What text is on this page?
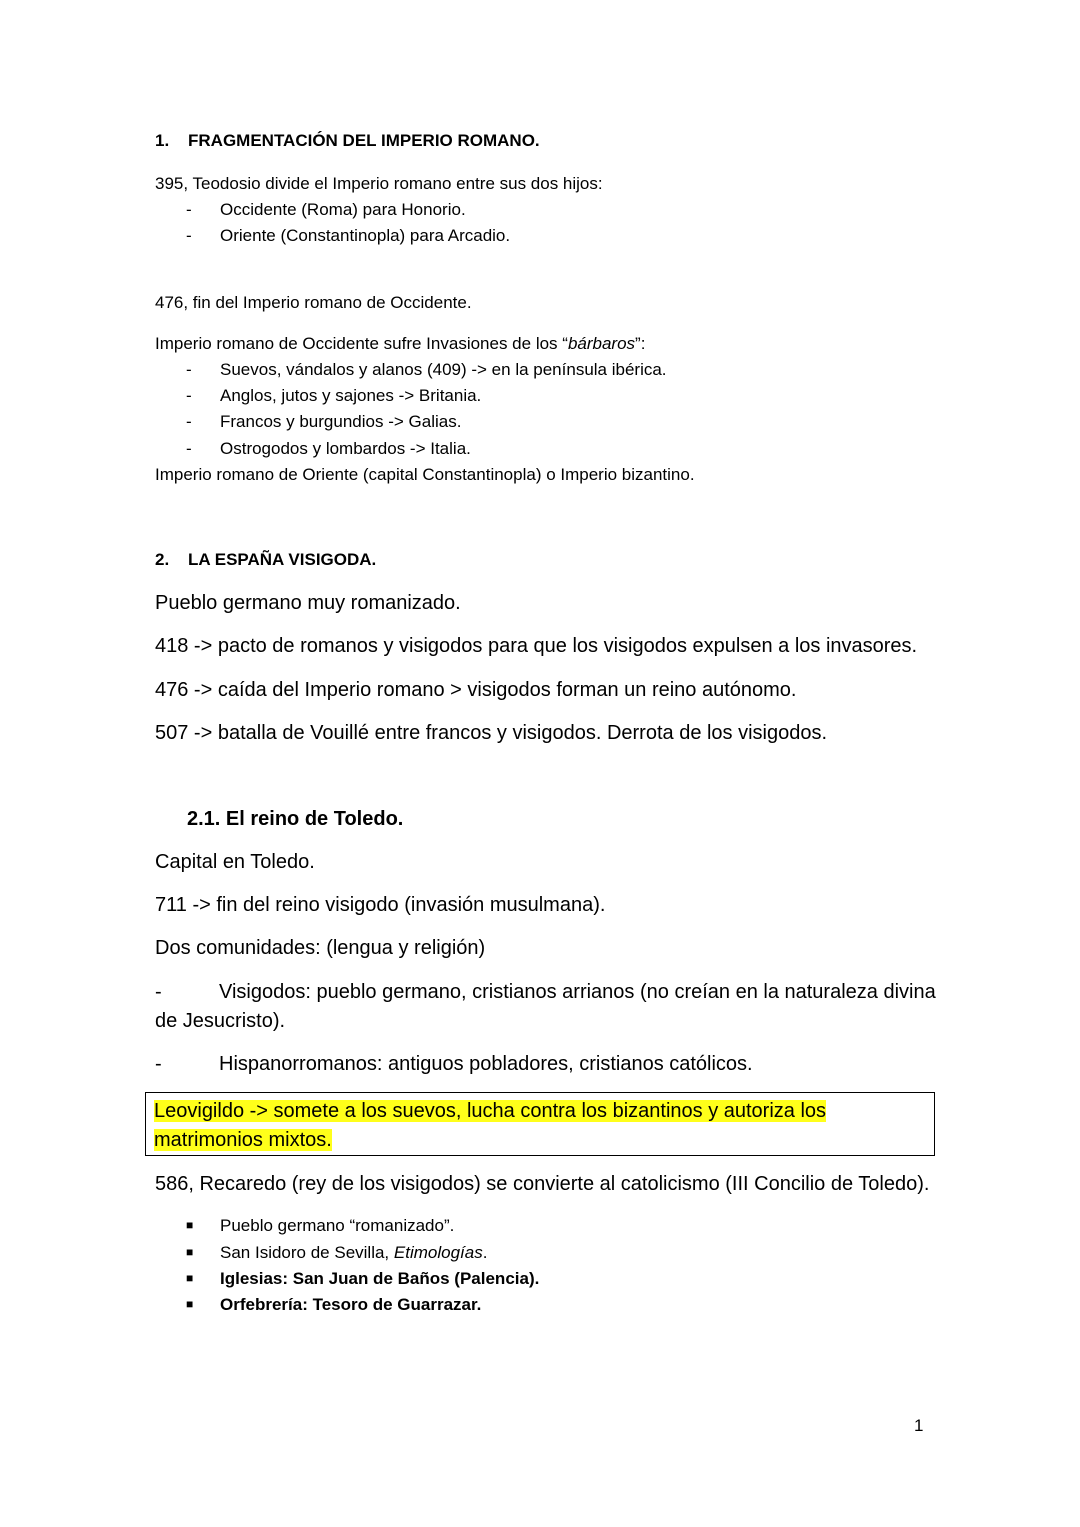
1. FRAGMENTACIÓN DEL IMPERIO ROMANO.
395, Teodosio divide el Imperio romano entre sus dos hijos:
- Occidente (Roma) para Honorio.
- Oriente (Constantinopla) para Arcadio.
476, fin del Imperio romano de Occidente.
Imperio romano de Occidente sufre Invasiones de los “bárbaros”:
- Suevos, vándalos y alanos (409) -> en la península ibérica.
- Anglos, jutos y sajones -> Britania.
- Francos y burgundios -> Galias.
- Ostrogodos y lombardos -> Italia.
Imperio romano de Oriente (capital Constantinopla) o Imperio bizantino.
2. LA ESPAÑA VISIGODA.
Pueblo germano muy romanizado.
418 -> pacto de romanos y visigodos para que los visigodos expulsen a los invasores.
476 -> caída del Imperio romano > visigodos forman un reino autónomo.
507 -> batalla de Vouillé entre francos y visigodos. Derrota de los visigodos.
2.1. El reino de Toledo.
Capital en Toledo.
711 -> fin del reino visigodo (invasión musulmana).
Dos comunidades: (lengua y religión)
-	Visigodos: pueblo germano, cristianos arrianos (no creían en la naturaleza divina
de Jesucristo).
-	Hispanorromanos: antiguos pobladores, cristianos católicos.
Leovigildo -> somete a los suevos, lucha contra los bizantinos y autoriza los matrimonios mixtos.
586, Recaredo (rey de los visigodos) se convierte al catolicismo (III Concilio de Toledo).
■ Pueblo germano “romanizado”.
■ San Isidoro de Sevilla, Etimologías.
■ Iglesias: San Juan de Baños (Palencia).
■ Orfebrería: Tesoro de Guarrazar.
1
